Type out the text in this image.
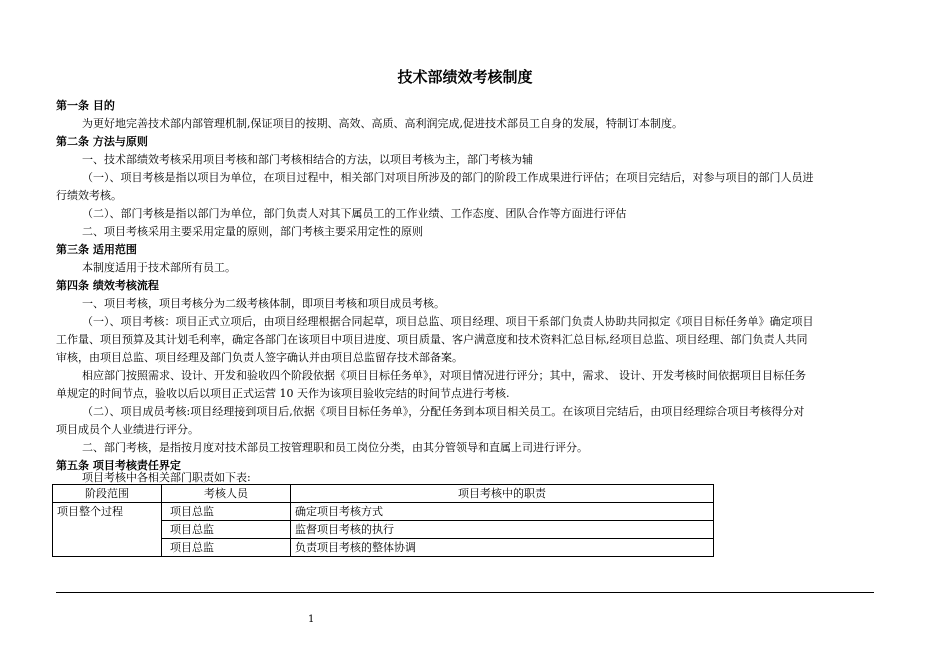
技术部绩效考核制度
第一条 目的
为更好地完善技术部内部管理机制,保证项目的按期、高效、高质、高利润完成,促进技术部员工自身的发展，特制订本制度。
第二条 方法与原则
一、技术部绩效考核采用项目考核和部门考核相结合的方法，以项目考核为主，部门考核为辅
（一）、项目考核是指以项目为单位，在项目过程中，相关部门对项目所涉及的部门的阶段工作成果进行评估；在项目完结后，对参与项目的部门人员进
行绩效考核。
（二）、部门考核是指以部门为单位，部门负责人对其下属员工的工作业绩、工作态度、团队合作等方面进行评估
二、项目考核采用主要采用定量的原则，部门考核主要采用定性的原则
第三条 适用范围
本制度适用于技术部所有员工。
第四条 绩效考核流程
一、项目考核，项目考核分为二级考核体制，即项目考核和项目成员考核。
（一）、项目考核：项目正式立项后，由项目经理根据合同起草，项目总监、项目经理、项目干系部门负责人协助共同拟定《项目目标任务单》确定项目
工作量、项目预算及其计划毛利率，确定各部门在该项目中项目进度、项目质量、客户满意度和技术资料汇总目标,经项目总监、项目经理、部门负责人共同
审核，由项目总监、项目经理及部门负责人签字确认并由项目总监留存技术部备案。
相应部门按照需求、设计、开发和验收四个阶段依据《项目目标任务单》，对项目情况进行评分；其中，需求、 设计、开发考核时间依据项目目标任务
单规定的时间节点，验收以后以项目正式运营 10 天作为该项目验收完结的时间节点进行考核.
（二）、项目成员考核:项目经理接到项目后,依据《项目目标任务单》，分配任务到本项目相关员工。在该项目完结后，由项目经理综合项目考核得分对
项目成员个人业绩进行评分。
二、部门考核，是指按月度对技术部员工按管理职和员工岗位分类，由其分管领导和直属上司进行评分。
第五条 项目考核责任界定
项目考核中各相关部门职责如下表:
阶段范围	考核人员	项目考核中的职责
项目整个过程	项目总监	确定项目考核方式
	项目总监	监督项目考核的执行
	项目总监	负责项目考核的整体协调
1
